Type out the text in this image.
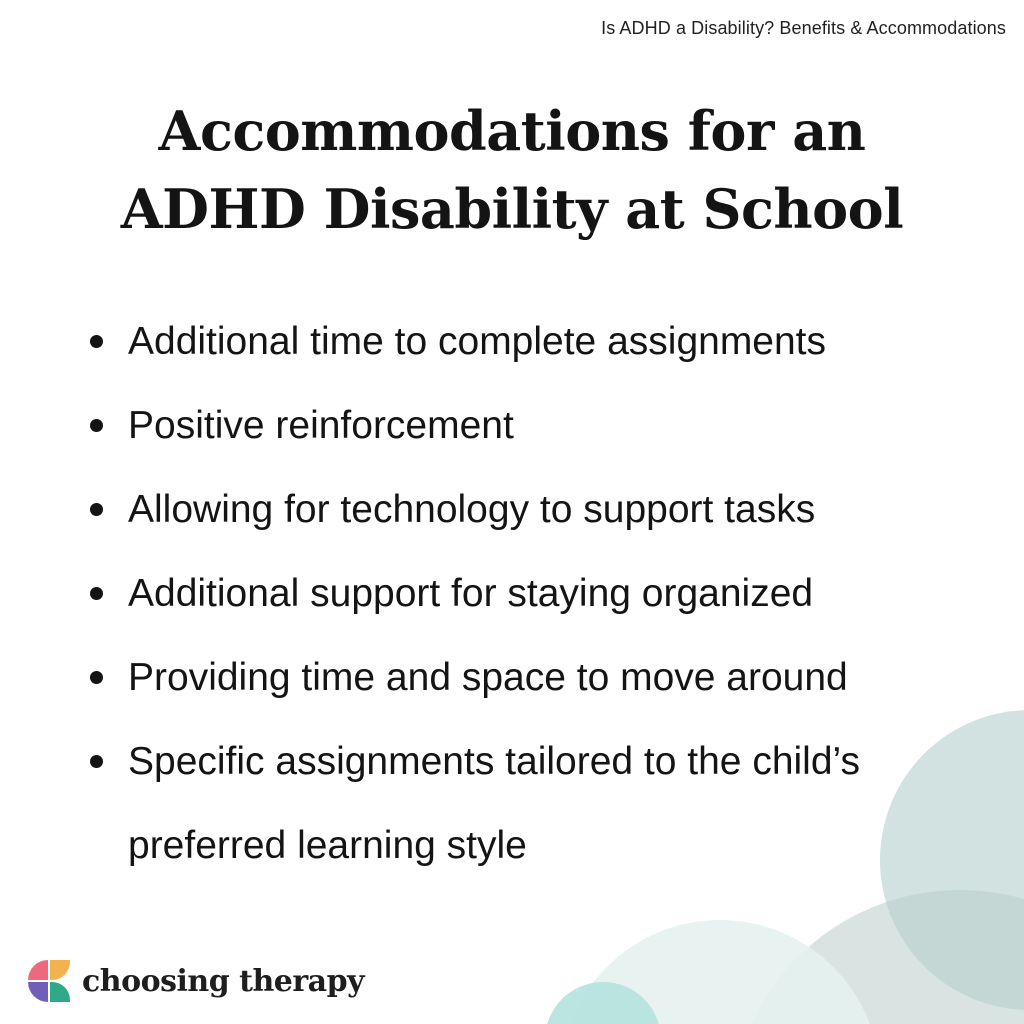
Is ADHD a Disability? Benefits & Accommodations
Accommodations for an
ADHD Disability at School
Additional time to complete assignments
Positive reinforcement
Allowing for technology to support tasks
Additional support for staying organized
Providing time and space to move around
Specific assignments tailored to the child’s preferred learning style
choosing therapy
